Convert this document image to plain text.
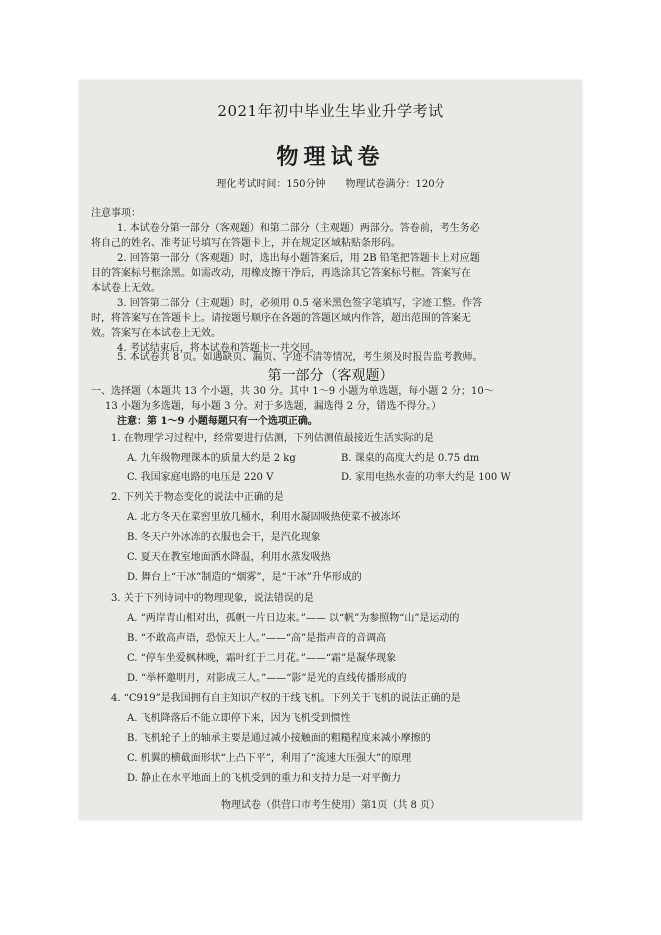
2021年初中毕业生毕业升学考试
物理试卷
理化考试时间：150分钟　　物理试卷满分：120分
注意事项：
1. 本试卷分第一部分（客观题）和第二部分（主观题）两部分。答卷前，考生务必
将自己的姓名、准考证号填写在答题卡上，并在规定区域粘贴条形码。
2. 回答第一部分（客观题）时，选出每小题答案后，用 2B 铅笔把答题卡上对应题
目的答案标号框涂黑。如需改动，用橡皮擦干净后，再选涂其它答案标号框。答案写在
本试卷上无效。
3. 回答第二部分（主观题）时，必须用 0.5 毫米黑色签字笔填写，字迹工整。作答
时，将答案写在答题卡上。请按题号顺序在各题的答题区域内作答，超出范围的答案无
效。答案写在本试卷上无效。
4. 考试结束后，将本试卷和答题卡一并交回。
第一部分（客观题）
5. 本试卷共 8 页。如遇缺页、漏页、字迹不清等情况，考生须及时报告监考教师。
一、选择题（本题共 13 个小题，共 30 分。其中 1～9 小题为单选题，每小题 2 分；10～
13 小题为多选题，每小题 3 分。对于多选题，漏选得 2 分，错选不得分。）
注意：第 1～9 小题每题只有一个选项正确。
1. 在物理学习过程中，经常要进行估测，下列估测值最接近生活实际的是
A. 九年级物理课本的质量大约是 2 kg	B. 课桌的高度大约是 0.75 dm
C. 我国家庭电路的电压是 220 V	D. 家用电热水壶的功率大约是 100 W
2. 下列关于物态变化的说法中正确的是
A. 北方冬天在菜窖里放几桶水，利用水凝固吸热使菜不被冻坏
B. 冬天户外冰冻的衣服也会干，是汽化现象
C. 夏天在教室地面洒水降温，利用水蒸发吸热
D. 舞台上“干冰”制造的“烟雾”，是“干冰”升华形成的
3. 关于下列诗词中的物理现象，说法错误的是
A. “两岸青山相对出，孤帆一片日边来。”—— 以“帆”为参照物“山”是运动的
B. “不敢高声语，恐惊天上人。”——“高”是指声音的音调高
C. “停车坐爱枫林晚，霜叶红于二月花。”——“霜”是凝华现象
D. “举杯邀明月，对影成三人。”——“影”是光的直线传播形成的
4. “C919”是我国拥有自主知识产权的干线飞机。下列关于飞机的说法正确的是
A. 飞机降落后不能立即停下来，因为飞机受到惯性
B. 飞机轮子上的轴承主要是通过减小接触面的粗糙程度来减小摩擦的
C. 机翼的横截面形状“上凸下平”，利用了“流速大压强大”的原理
D. 静止在水平地面上的飞机受到的重力和支持力是一对平衡力
物理试卷（供营口市考生使用）第1页（共 8 页）
